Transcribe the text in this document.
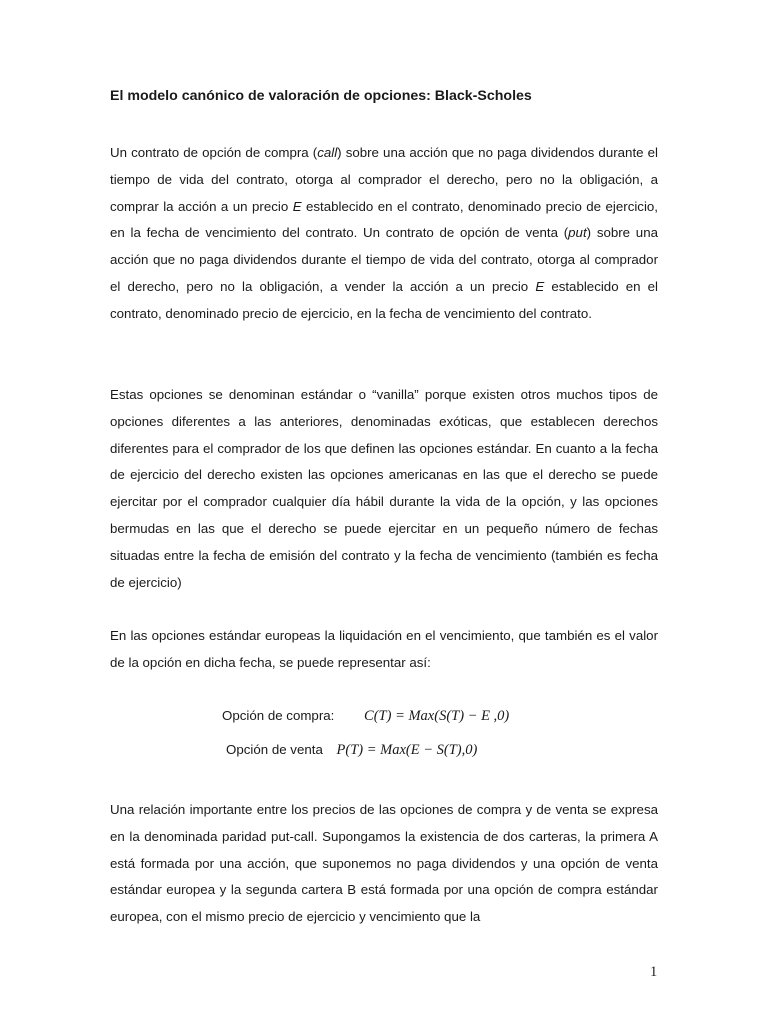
El modelo canónico de valoración de opciones: Black-Scholes

Un contrato de opción de compra (call) sobre una acción que no paga dividendos durante el tiempo de vida del contrato, otorga al comprador el derecho, pero no la obligación, a comprar la acción a un precio E establecido en el contrato, denominado precio de ejercicio, en la fecha de vencimiento del contrato. Un contrato de opción de venta (put) sobre una acción que no paga dividendos durante el tiempo de vida del contrato, otorga al comprador el derecho, pero no la obligación, a vender la acción a un precio E establecido en el contrato, denominado precio de ejercicio, en la fecha de vencimiento del contrato.

Estas opciones se denominan estándar o “vanilla” porque existen otros muchos tipos de opciones diferentes a las anteriores, denominadas exóticas, que establecen derechos diferentes para el comprador de los que definen las opciones estándar. En cuanto a la fecha de ejercicio del derecho existen las opciones americanas en las que el derecho se puede ejercitar por el comprador cualquier día hábil durante la vida de la opción, y las opciones bermudas en las que el derecho se puede ejercitar en un pequeño número de fechas situadas entre la fecha de emisión del contrato y la fecha de vencimiento (también es fecha de ejercicio)

En las opciones estándar europeas la liquidación en el vencimiento, que también es el valor de la opción en dicha fecha, se puede representar así:

Una relación importante entre los precios de las opciones de compra y de venta se expresa en la denominada paridad put-call. Supongamos la existencia de dos carteras, la primera A está formada por una acción, que suponemos no paga dividendos y una opción de venta estándar europea y la segunda cartera B está formada por una opción de compra estándar europea, con el mismo precio de ejercicio y vencimiento que la

Opción de compra: C(T) = Max(S(T) − E ,0)
Opción de venta P(T) = Max(E − S(T),0)
1
